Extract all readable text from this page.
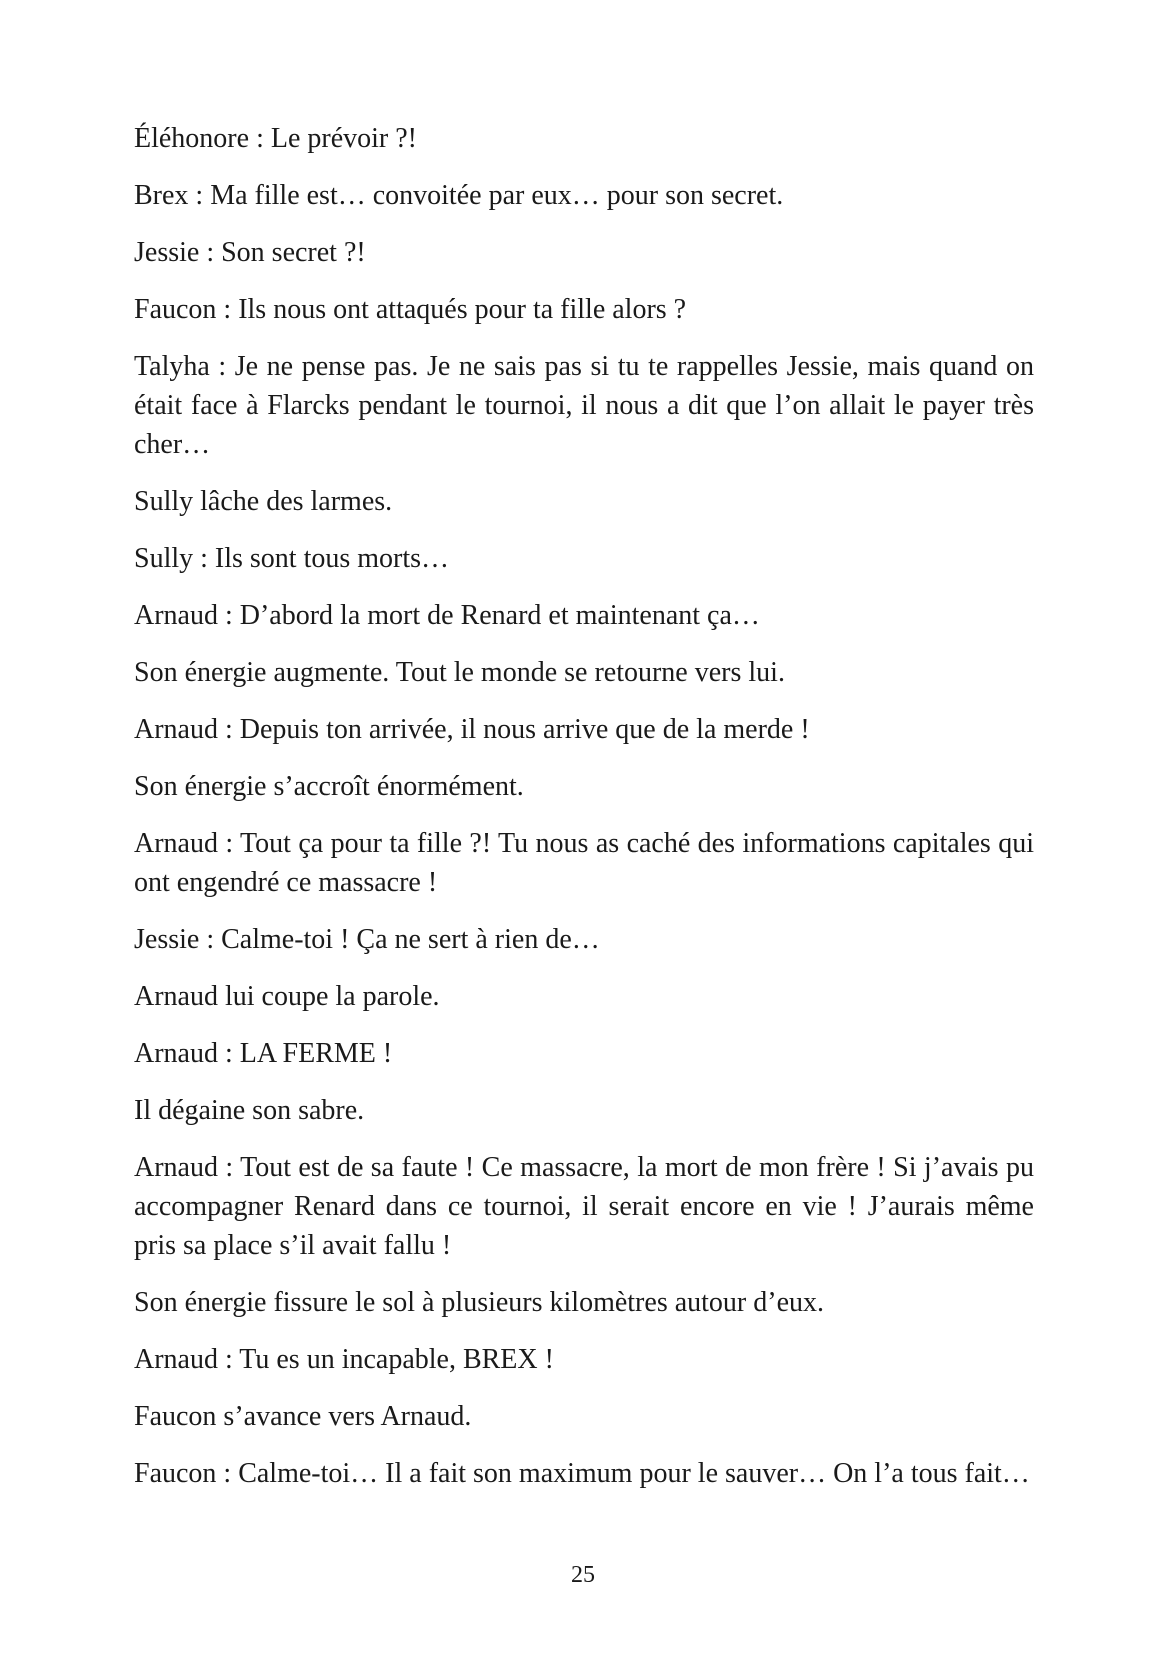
Éléhonore : Le prévoir ?!

Brex : Ma fille est… convoitée par eux… pour son secret.

Jessie : Son secret ?!

Faucon : Ils nous ont attaqués pour ta fille alors ?

Talyha : Je ne pense pas. Je ne sais pas si tu te rappelles Jessie, mais quand on était face à Flarcks pendant le tournoi, il nous a dit que l’on allait le payer très cher…

Sully lâche des larmes.

Sully : Ils sont tous morts…

Arnaud : D’abord la mort de Renard et maintenant ça…

Son énergie augmente. Tout le monde se retourne vers lui.

Arnaud : Depuis ton arrivée, il nous arrive que de la merde !

Son énergie s’accroît énormément.

Arnaud : Tout ça pour ta fille ?! Tu nous as caché des informations capitales qui ont engendré ce massacre !

Jessie : Calme-toi ! Ça ne sert à rien de…

Arnaud lui coupe la parole.

Arnaud : LA FERME !

Il dégaine son sabre.

Arnaud : Tout est de sa faute ! Ce massacre, la mort de mon frère ! Si j’avais pu accompagner Renard dans ce tournoi, il serait encore en vie ! J’aurais même pris sa place s’il avait fallu !

Son énergie fissure le sol à plusieurs kilomètres autour d’eux.

Arnaud : Tu es un incapable, BREX !

Faucon s’avance vers Arnaud.

Faucon : Calme-toi… Il a fait son maximum pour le sauver… On l’a tous fait…

25
